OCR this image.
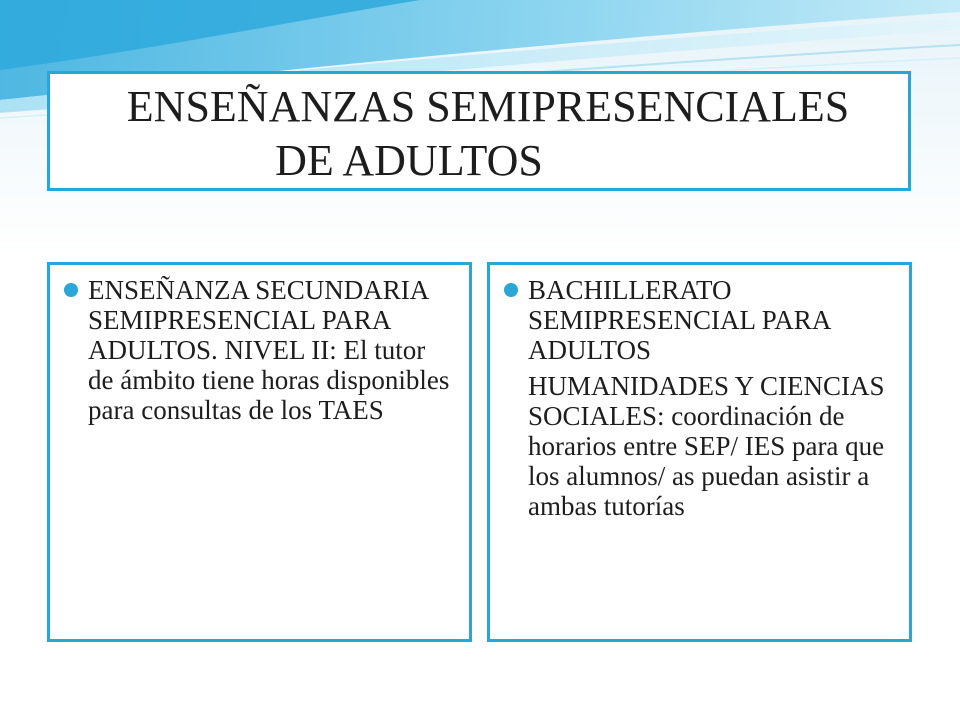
ENSEÑANZAS SEMIPRESENCIALES
DE ADULTOS
ENSEÑANZA SECUNDARIA SEMIPRESENCIAL PARA ADULTOS. NIVEL II: El tutor de ámbito tiene horas disponibles para consultas de los TAES
BACHILLERATO SEMIPRESENCIAL PARA ADULTOS
HUMANIDADES Y CIENCIAS SOCIALES: coordinación de horarios entre SEP/ IES para que los alumnos/ as puedan asistir a ambas tutorías
